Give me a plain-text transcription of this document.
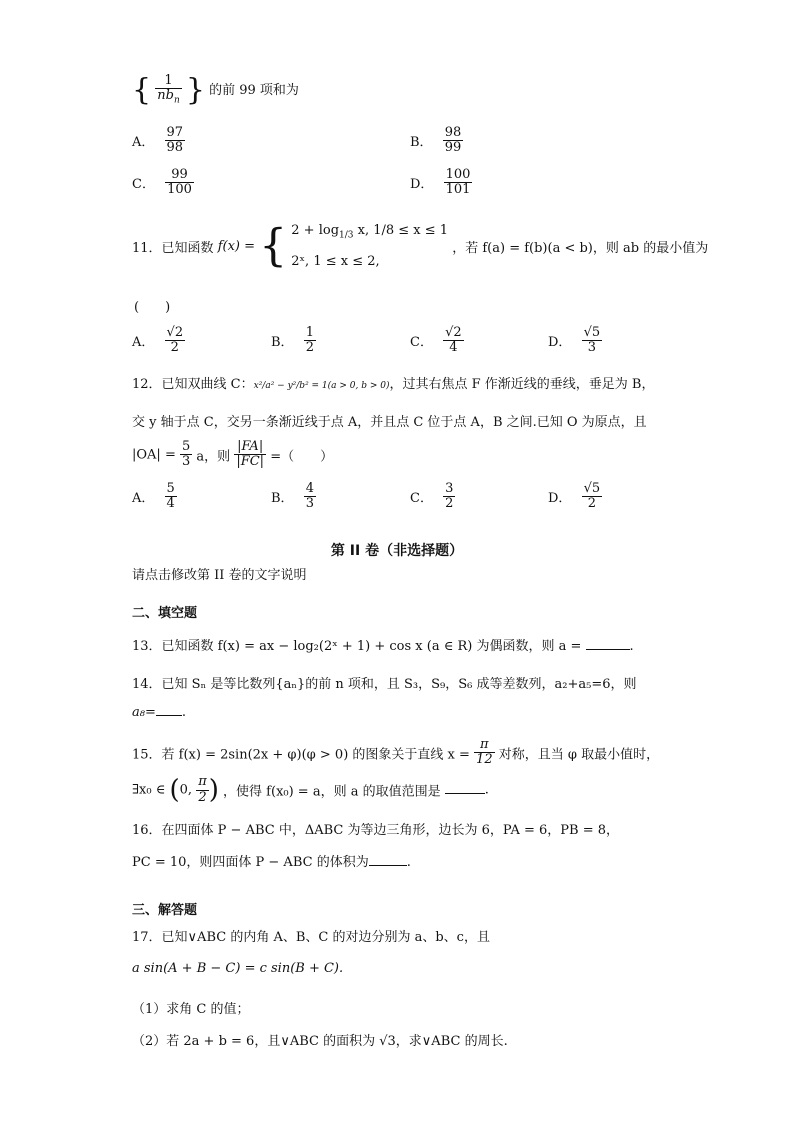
{ $\frac{1}{nb_n}$ } 的前 99 项和为
A． $\frac{97}{98}$	B． $\frac{98}{99}$
C． $\frac{99}{100}$	D． $\frac{100}{101}$
11．已知函数 f(x) = { $2 + \log_{1/3} x$, 1/8 ≤ x ≤ 1
2ˣ, 1 ≤ x ≤ 2,
，若 f(a) = f(b)(a < b)，则 ab 的最小值为
(　　)
A． $\frac{√2}{2}$	B． $\frac{1}{2}$	C． $\frac{√2}{4}$	D． $\frac{√5}{3}$
12．已知双曲线 C：x²/a² − y²/b² = 1(a > 0, b > 0)，过其右焦点 F 作渐近线的垂线，垂足为 B，
交 y 轴于点 C，交另一条渐近线于点 A，并且点 C 位于点 A，B 之间.已知 O 为原点，且
$|OA| = \frac{5}{3}$ a，则 $\frac{|FA|}{|FC|}$ =（　　）
A． $\frac{5}{4}$	B． $\frac{4}{3}$	C． $\frac{3}{2}$	D． $\frac{√5}{2}$
第 II 卷（非选择题）
请点击修改第 II 卷的文字说明
二、填空题
13．已知函数 f(x) = ax − log₂(2ˣ + 1) + cos x (a ∈ R) 为偶函数，则 a =	.
14．已知 Sₙ 是等比数列{aₙ}的前 n 项和，且 S₃，S₉，S₆ 成等差数列，a₂+a₅=6，则
a₈= .
15．若 f(x) = 2sin(2x + φ)(φ > 0) 的图象关于直线 $x = \frac{\pi}{12}$ 对称，且当 φ 取最小值时，
∃x₀ ∈ (0, $\frac{\pi}{2}$ ) ，使得 f(x₀) = a，则 a 的取值范围是	.
16．在四面体 P − ABC 中，ΔABC 为等边三角形，边长为 6，PA = 6，PB = 8，
PC = 10，则四面体 P − ABC 的体积为	.
三、解答题
17．已知∨ABC 的内角 A、B、C 的对边分别为 a、b、c，且
a sin(A + B − C) = c sin(B + C).
（1）求角 C 的值；
（2）若 2a + b = 6，且∨ABC 的面积为 √3，求∨ABC 的周长.
